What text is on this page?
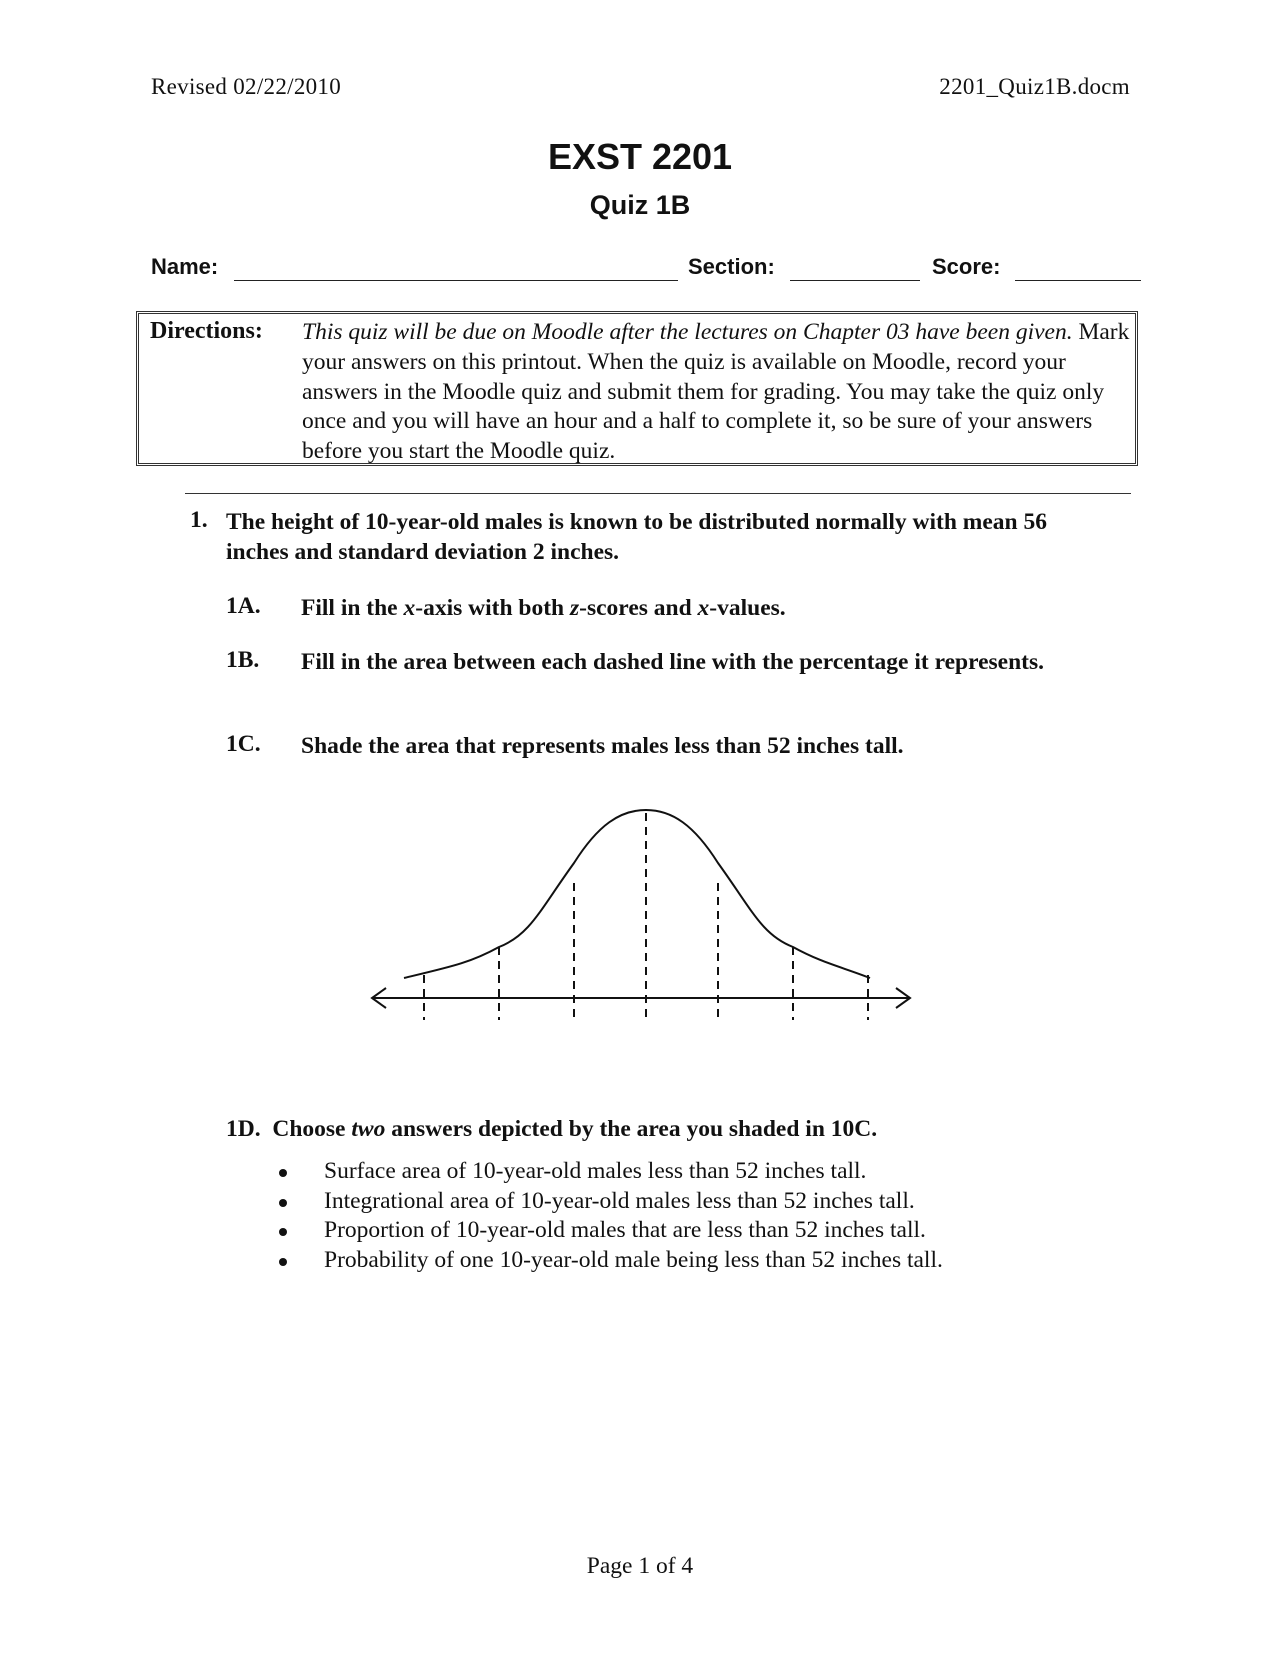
Revised 02/22/2010	2201_Quiz1B.docm
EXST 2201
Quiz 1B
Name:	Section:	Score:
Directions: This quiz will be due on Moodle after the lectures on Chapter 03 have been given. Mark your answers on this printout. When the quiz is available on Moodle, record your answers in the Moodle quiz and submit them for grading. You may take the quiz only once and you will have an hour and a half to complete it, so be sure of your answers before you start the Moodle quiz.
1. The height of 10-year-old males is known to be distributed normally with mean 56 inches and standard deviation 2 inches.
1A. Fill in the x-axis with both z-scores and x-values.
1B. Fill in the area between each dashed line with the percentage it represents.
1C. Shade the area that represents males less than 52 inches tall.
1D. Choose two answers depicted by the area you shaded in 10C.
Surface area of 10-year-old males less than 52 inches tall.
Integrational area of 10-year-old males less than 52 inches tall.
Proportion of 10-year-old males that are less than 52 inches tall.
Probability of one 10-year-old male being less than 52 inches tall.
Page 1 of 4
